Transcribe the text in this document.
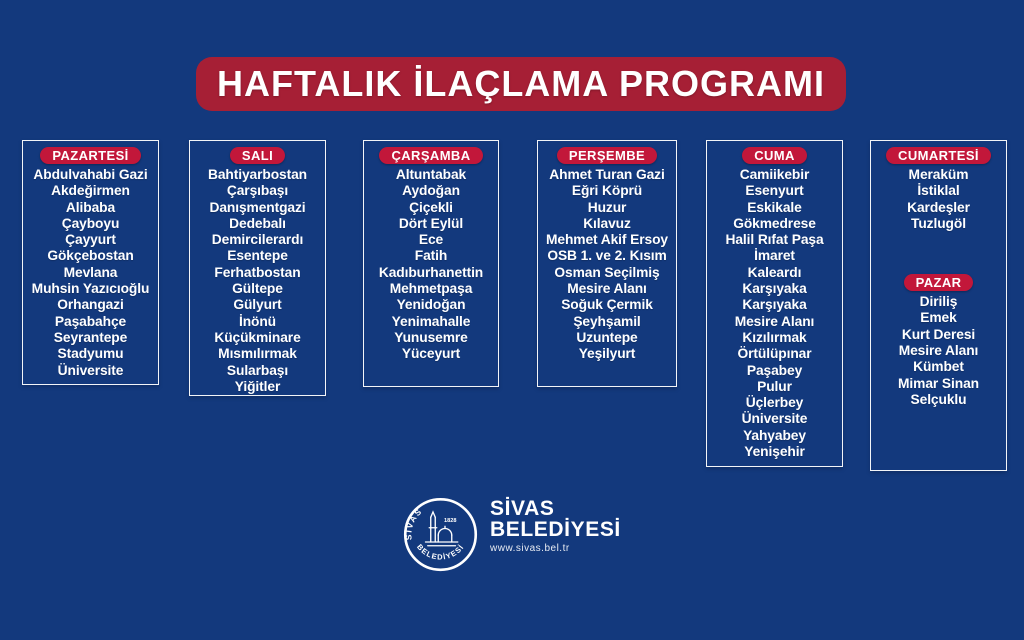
HAFTALIK İLAÇLAMA PROGRAMI
PAZARTESİ
Abdulvahabi Gazi
Akdeğirmen
Alibaba
Çayboyu
Çayyurt
Gökçebostan
Mevlana
Muhsin Yazıcıoğlu
Orhangazi
Paşabahçe
Seyrantepe
Stadyumu
Üniversite
SALI
Bahtiyarbostan
Çarşıbaşı
Danışmentgazi
Dedebalı
Demircilerardı
Esentepe
Ferhatbostan
Gültepe
Gülyurt
İnönü
Küçükminare
Mısmılırmak
Sularbaşı
Yiğitler
ÇARŞAMBA
Altuntabak
Aydoğan
Çiçekli
Dört Eylül
Ece
Fatih
Kadıburhanettin
Mehmetpaşa
Yenidoğan
Yenimahalle
Yunusemre
Yüceyurt
PERŞEMBE
Ahmet Turan Gazi
Eğri Köprü
Huzur
Kılavuz
Mehmet Akif Ersoy
OSB 1. ve 2. Kısım
Osman Seçilmiş
Mesire Alanı
Soğuk Çermik
Şeyhşamil
Uzuntepe
Yeşilyurt
CUMA
Camiikebir
Esenyurt
Eskikale
Gökmedrese
Halil Rıfat Paşa
İmaret
Kaleardı
Karşıyaka
Karşıyaka
Mesire Alanı
Kızılırmak
Örtülüpınar
Paşabey
Pulur
Üçlerbey
Üniversite
Yahyabey
Yenişehir
CUMARTESİ
Meraküm
İstiklal
Kardeşler
Tuzlugöl
PAZAR
Diriliş
Emek
Kurt Deresi
Mesire Alanı
Kümbet
Mimar Sinan
Selçuklu
SİVAS
BELEDİYESİ
1828
SİVAS
BELEDİYESİ
www.sivas.bel.tr
